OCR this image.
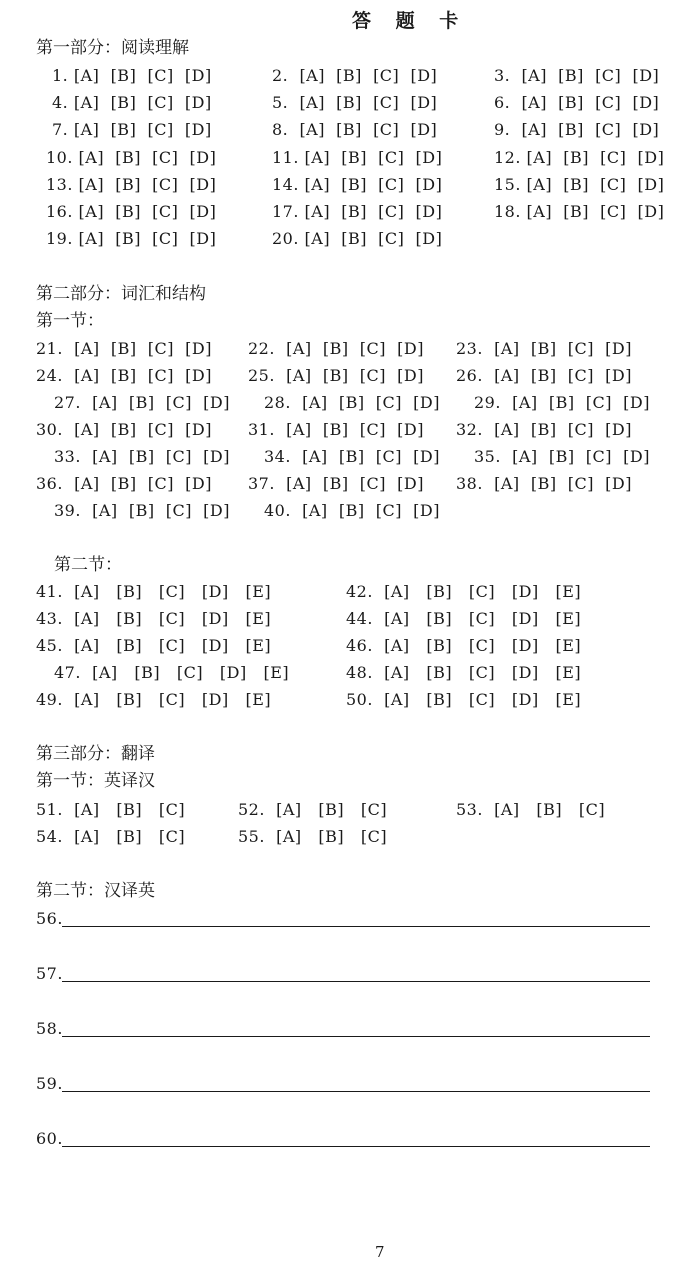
答 题 卡
第一部分：阅读理解
1. [A]  [B]  [C]  [D]	2.  [A]  [B]  [C]  [D]	3.  [A]  [B]  [C]  [D]
4. [A]  [B]  [C]  [D]	5.  [A]  [B]  [C]  [D]	6.  [A]  [B]  [C]  [D]
7. [A]  [B]  [C]  [D]	8.  [A]  [B]  [C]  [D]	9.  [A]  [B]  [C]  [D]
10. [A]  [B]  [C]  [D]	11. [A]  [B]  [C]  [D]	12. [A]  [B]  [C]  [D]
13. [A]  [B]  [C]  [D]	14. [A]  [B]  [C]  [D]	15. [A]  [B]  [C]  [D]
16. [A]  [B]  [C]  [D]	17. [A]  [B]  [C]  [D]	18. [A]  [B]  [C]  [D]
19. [A]  [B]  [C]  [D]	20. [A]  [B]  [C]  [D]
第二部分：词汇和结构
第一节：
21.  [A]  [B]  [C]  [D] 22.  [A]  [B]  [C]  [D] 23.  [A]  [B]  [C]  [D]
24.  [A]  [B]  [C]  [D] 25.  [A]  [B]  [C]  [D] 26.  [A]  [B]  [C]  [D]
27.  [A]  [B]  [C]  [D] 28.  [A]  [B]  [C]  [D] 29.  [A]  [B]  [C]  [D]
30.  [A]  [B]  [C]  [D] 31.  [A]  [B]  [C]  [D] 32.  [A]  [B]  [C]  [D]
33.  [A]  [B]  [C]  [D] 34.  [A]  [B]  [C]  [D] 35.  [A]  [B]  [C]  [D]
36.  [A]  [B]  [C]  [D] 37.  [A]  [B]  [C]  [D] 38.  [A]  [B]  [C]  [D]
39.  [A]  [B]  [C]  [D] 40.  [A]  [B]  [C]  [D]
第二节：
41.  [A]   [B]   [C]   [D]   [E]	42.  [A]   [B]   [C]   [D]   [E]
43.  [A]   [B]   [C]   [D]   [E]	44.  [A]   [B]   [C]   [D]   [E]
45.  [A]   [B]   [C]   [D]   [E]	46.  [A]   [B]   [C]   [D]   [E]
47.  [A]   [B]   [C]   [D]   [E]	48.  [A]   [B]   [C]   [D]   [E]
49.  [A]   [B]   [C]   [D]   [E]	50.  [A]   [B]   [C]   [D]   [E]
第三部分：翻译
第一节：英译汉
51.  [A]   [B]   [C]	52.  [A]   [B]   [C]	53.  [A]   [B]   [C]
54.  [A]   [B]   [C]	55.  [A]   [B]   [C]
第二节：汉译英
56.
57.
58.
59.
60.
7
